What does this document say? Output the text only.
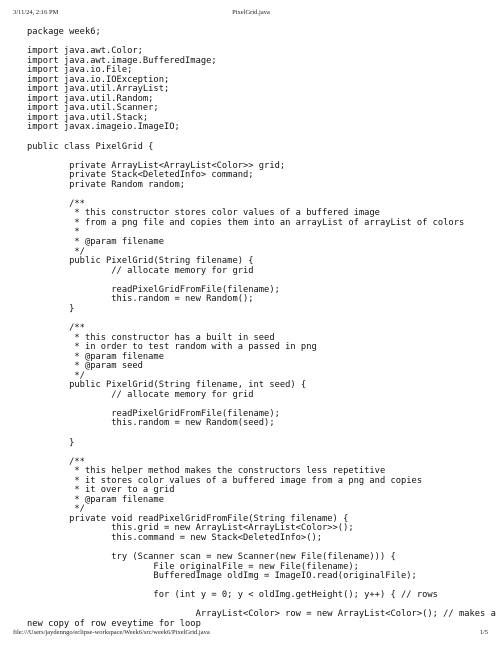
3/11/24, 2:16 PM	PixelGrid.java
package week6;
import java.awt.Color;
import java.awt.image.BufferedImage;
import java.io.File;
import java.io.IOException;
import java.util.ArrayList;
import java.util.Random;
import java.util.Scanner;
import java.util.Stack;
import javax.imageio.ImageIO;
public class PixelGrid {
private ArrayList<ArrayList<Color>> grid;
private Stack<DeletedInfo> command;
private Random random;
/**
* this constructor stores color values of a buffered image
* from a png file and copies them into an arrayList of arrayList of colors
*
* @param filename
*/
public PixelGrid(String filename) {
// allocate memory for grid
readPixelGridFromFile(filename);
this.random = new Random();
}
/**
* this constructor has a built in seed
* in order to test random with a passed in png
* @param filename
* @param seed
*/
public PixelGrid(String filename, int seed) {
// allocate memory for grid
readPixelGridFromFile(filename);
this.random = new Random(seed);
}
/**
* this helper method makes the constructors less repetitive
* it stores color values of a buffered image from a png and copies
* it over to a grid
* @param filename
*/
private void readPixelGridFromFile(String filename) {
this.grid = new ArrayList<ArrayList<Color>>();
this.command = new Stack<DeletedInfo>();
try (Scanner scan = new Scanner(new File(filename))) {
File originalFile = new File(filename);
BufferedImage oldImg = ImageIO.read(originalFile);
for (int y = 0; y < oldImg.getHeight(); y++) { // rows
ArrayList<Color> row = new ArrayList<Color>(); // makes a
new copy of row eveytime for loop
file:///Users/jaydenngo/eclipse-workspace/Week6/src/week6/PixelGrid.java	1/5
